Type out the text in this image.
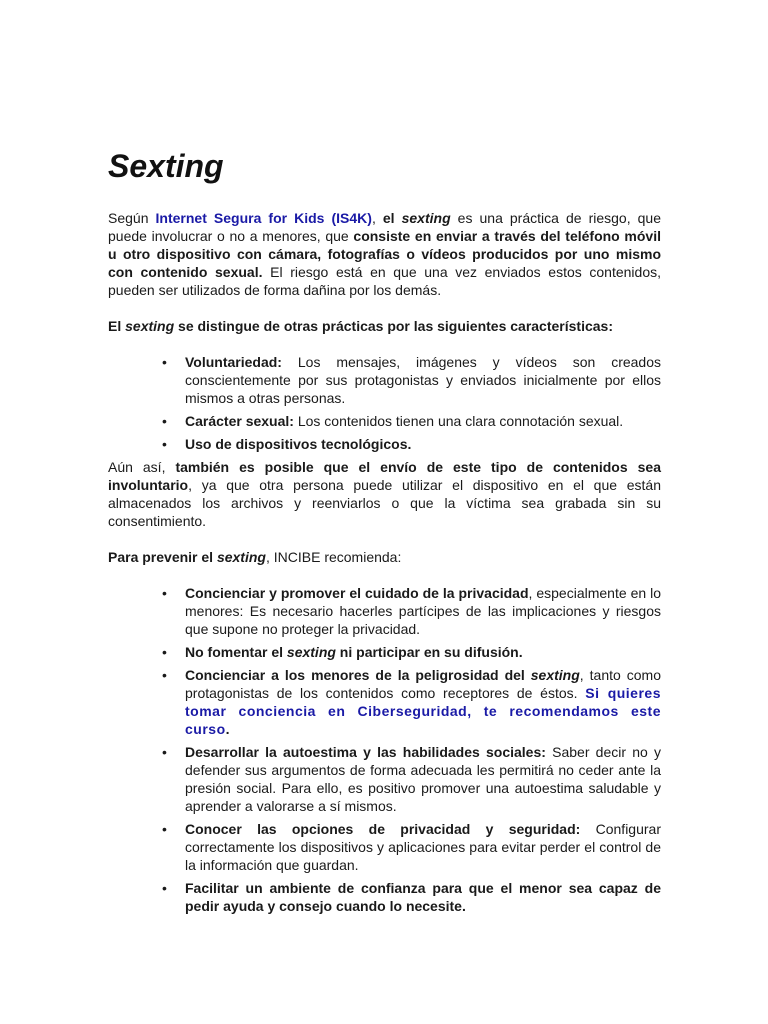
Sexting

Según Internet Segura for Kids (IS4K), el sexting es una práctica de riesgo, que puede involucrar o no a menores, que consiste en enviar a través del teléfono móvil u otro dispositivo con cámara, fotografías o vídeos producidos por uno mismo con contenido sexual. El riesgo está en que una vez enviados estos contenidos, pueden ser utilizados de forma dañina por los demás.

El sexting se distingue de otras prácticas por las siguientes características:

• Voluntariedad: Los mensajes, imágenes y vídeos son creados conscientemente por sus protagonistas y enviados inicialmente por ellos mismos a otras personas.
• Carácter sexual: Los contenidos tienen una clara connotación sexual.
• Uso de dispositivos tecnológicos.

Aún así, también es posible que el envío de este tipo de contenidos sea involuntario, ya que otra persona puede utilizar el dispositivo en el que están almacenados los archivos y reenviarlos o que la víctima sea grabada sin su consentimiento.

Para prevenir el sexting, INCIBE recomienda:

• Concienciar y promover el cuidado de la privacidad, especialmente en lo menores: Es necesario hacerles partícipes de las implicaciones y riesgos que supone no proteger la privacidad.
• No fomentar el sexting ni participar en su difusión.
• Concienciar a los menores de la peligrosidad del sexting, tanto como protagonistas de los contenidos como receptores de éstos. Si quieres tomar conciencia en Ciberseguridad, te recomendamos este curso.
• Desarrollar la autoestima y las habilidades sociales: Saber decir no y defender sus argumentos de forma adecuada les permitirá no ceder ante la presión social. Para ello, es positivo promover una autoestima saludable y aprender a valorarse a sí mismos.
• Conocer las opciones de privacidad y seguridad: Configurar correctamente los dispositivos y aplicaciones para evitar perder el control de la información que guardan.
• Facilitar un ambiente de confianza para que el menor sea capaz de pedir ayuda y consejo cuando lo necesite.
